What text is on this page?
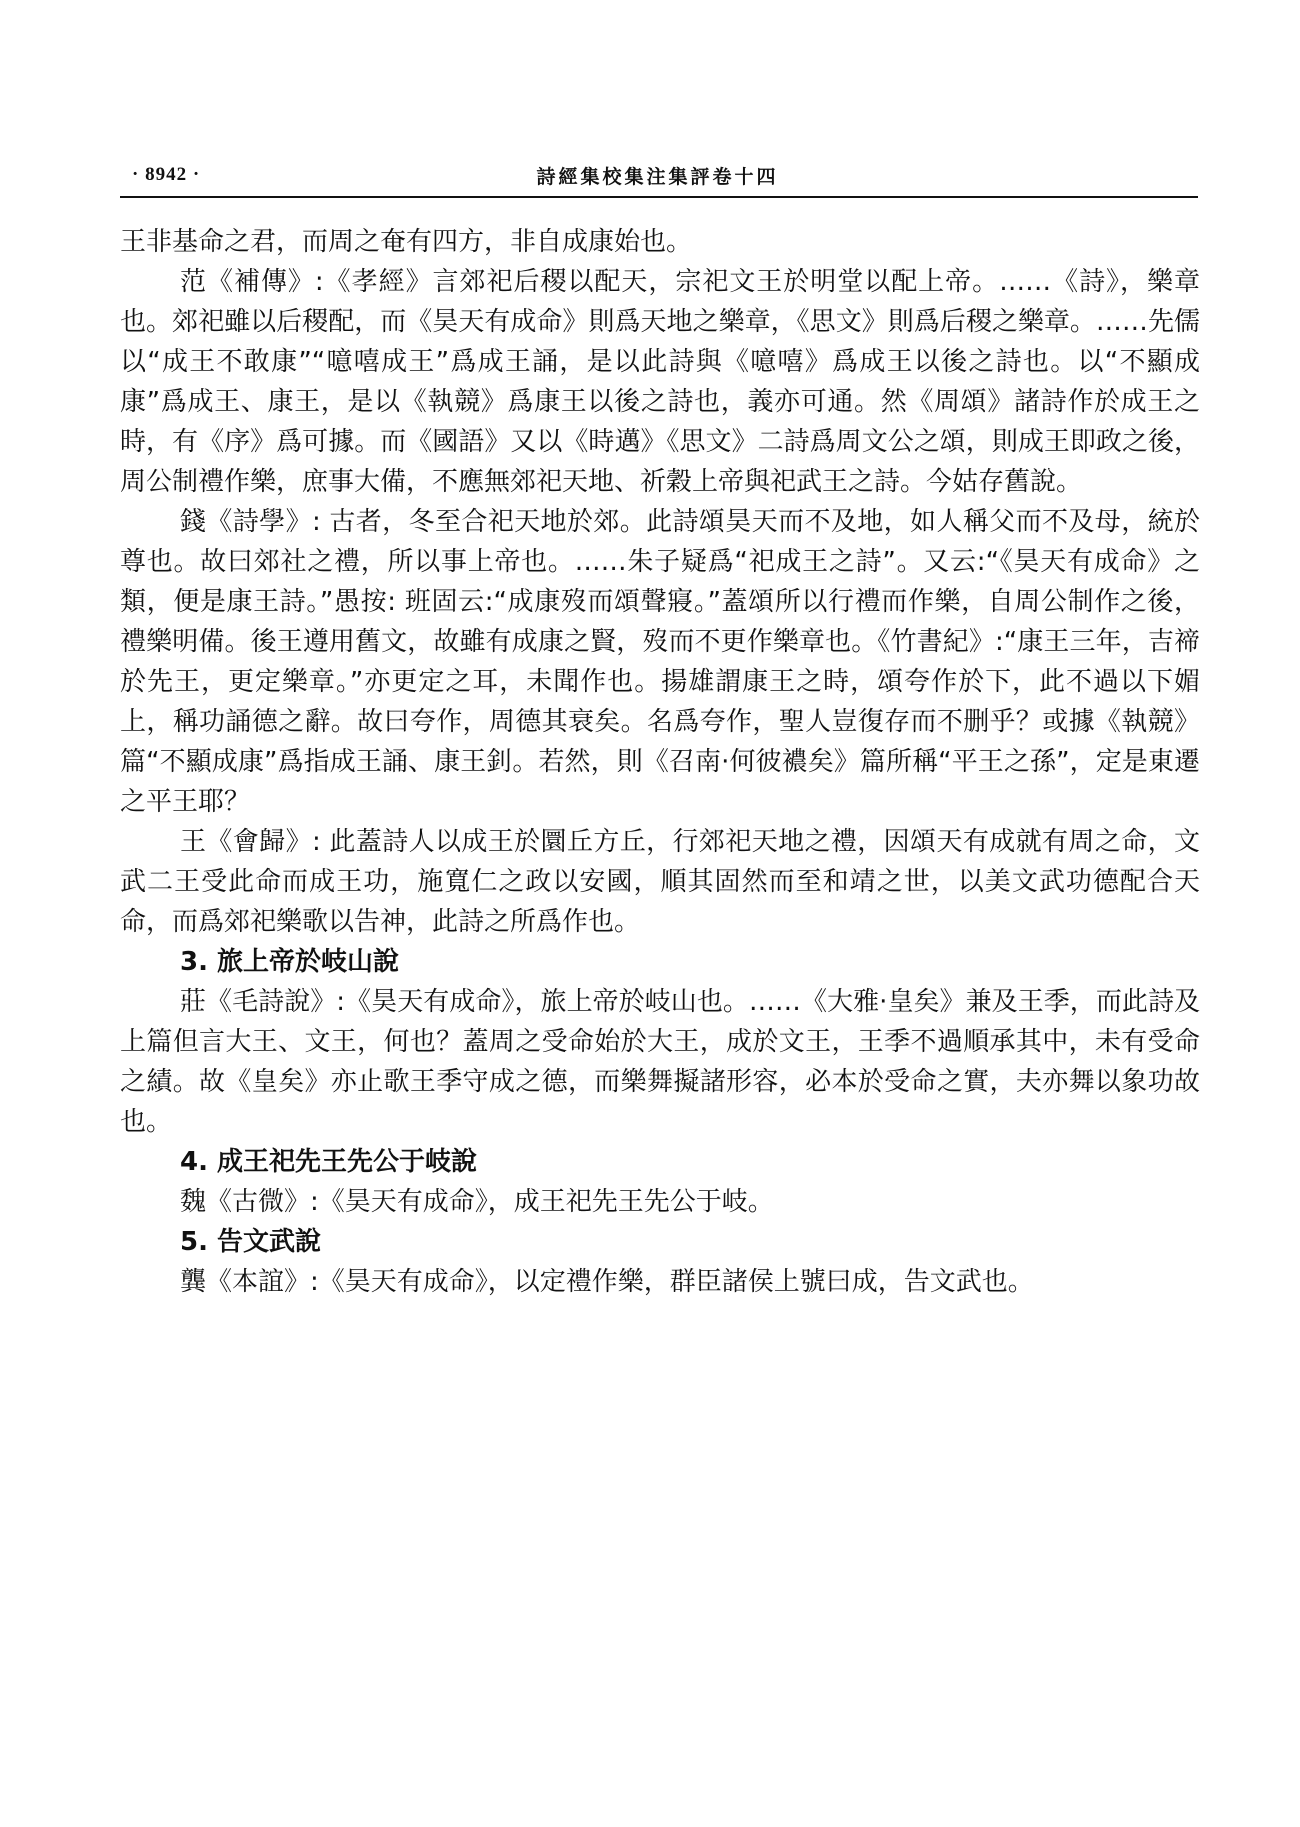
· 8942 ·	詩經集校集注集評卷十四

王非基命之君，而周之奄有四方，非自成康始也。

范《補傳》:《孝經》言郊祀后稷以配天，宗祀文王於明堂以配上帝。……《詩》，樂章也。郊祀雖以后稷配，而《昊天有成命》則爲天地之樂章，《思文》則爲后稷之樂章。……先儒以“成王不敢康”“噫嘻成王”爲成王誦，是以此詩與《噫嘻》爲成王以後之詩也。以“不顯成康”爲成王、康王，是以《執競》爲康王以後之詩也，義亦可通。然《周頌》諸詩作於成王之時，有《序》爲可據。而《國語》又以《時邁》《思文》二詩爲周文公之頌，則成王即政之後，周公制禮作樂，庶事大備，不應無郊祀天地、祈穀上帝與祀武王之詩。今姑存舊說。

錢《詩學》: 古者，冬至合祀天地於郊。此詩頌昊天而不及地，如人稱父而不及母，統於尊也。故曰郊社之禮，所以事上帝也。……朱子疑爲“祀成王之詩”。又云:“《昊天有成命》之類，便是康王詩。”愚按: 班固云:“成康歿而頌聲寢。”蓋頌所以行禮而作樂，自周公制作之後，禮樂明備。後王遵用舊文，故雖有成康之賢，歿而不更作樂章也。《竹書紀》:“康王三年，吉禘於先王，更定樂章。”亦更定之耳，未聞作也。揚雄謂康王之時，頌夸作於下，此不過以下媚上，稱功誦德之辭。故曰夸作，周德其衰矣。名爲夸作，聖人豈復存而不删乎？或據《執競》篇“不顯成康”爲指成王誦、康王釗。若然，則《召南·何彼襛矣》篇所稱“平王之孫”，定是東遷之平王耶？

王《會歸》: 此蓋詩人以成王於圜丘方丘，行郊祀天地之禮，因頌天有成就有周之命，文武二王受此命而成王功，施寬仁之政以安國，順其固然而至和靖之世，以美文武功德配合天命，而爲郊祀樂歌以告神，此詩之所爲作也。

3. 旅上帝於岐山說

莊《毛詩說》:《昊天有成命》，旅上帝於岐山也。……《大雅·皇矣》兼及王季，而此詩及上篇但言大王、文王，何也？蓋周之受命始於大王，成於文王，王季不過順承其中，未有受命之績。故《皇矣》亦止歌王季守成之德，而樂舞擬諸形容，必本於受命之實，夫亦舞以象功故也。

4. 成王祀先王先公于岐說

魏《古微》:《昊天有成命》，成王祀先王先公于岐。

5. 告文武說

龔《本誼》:《昊天有成命》，以定禮作樂，群臣諸侯上號曰成，告文武也。
